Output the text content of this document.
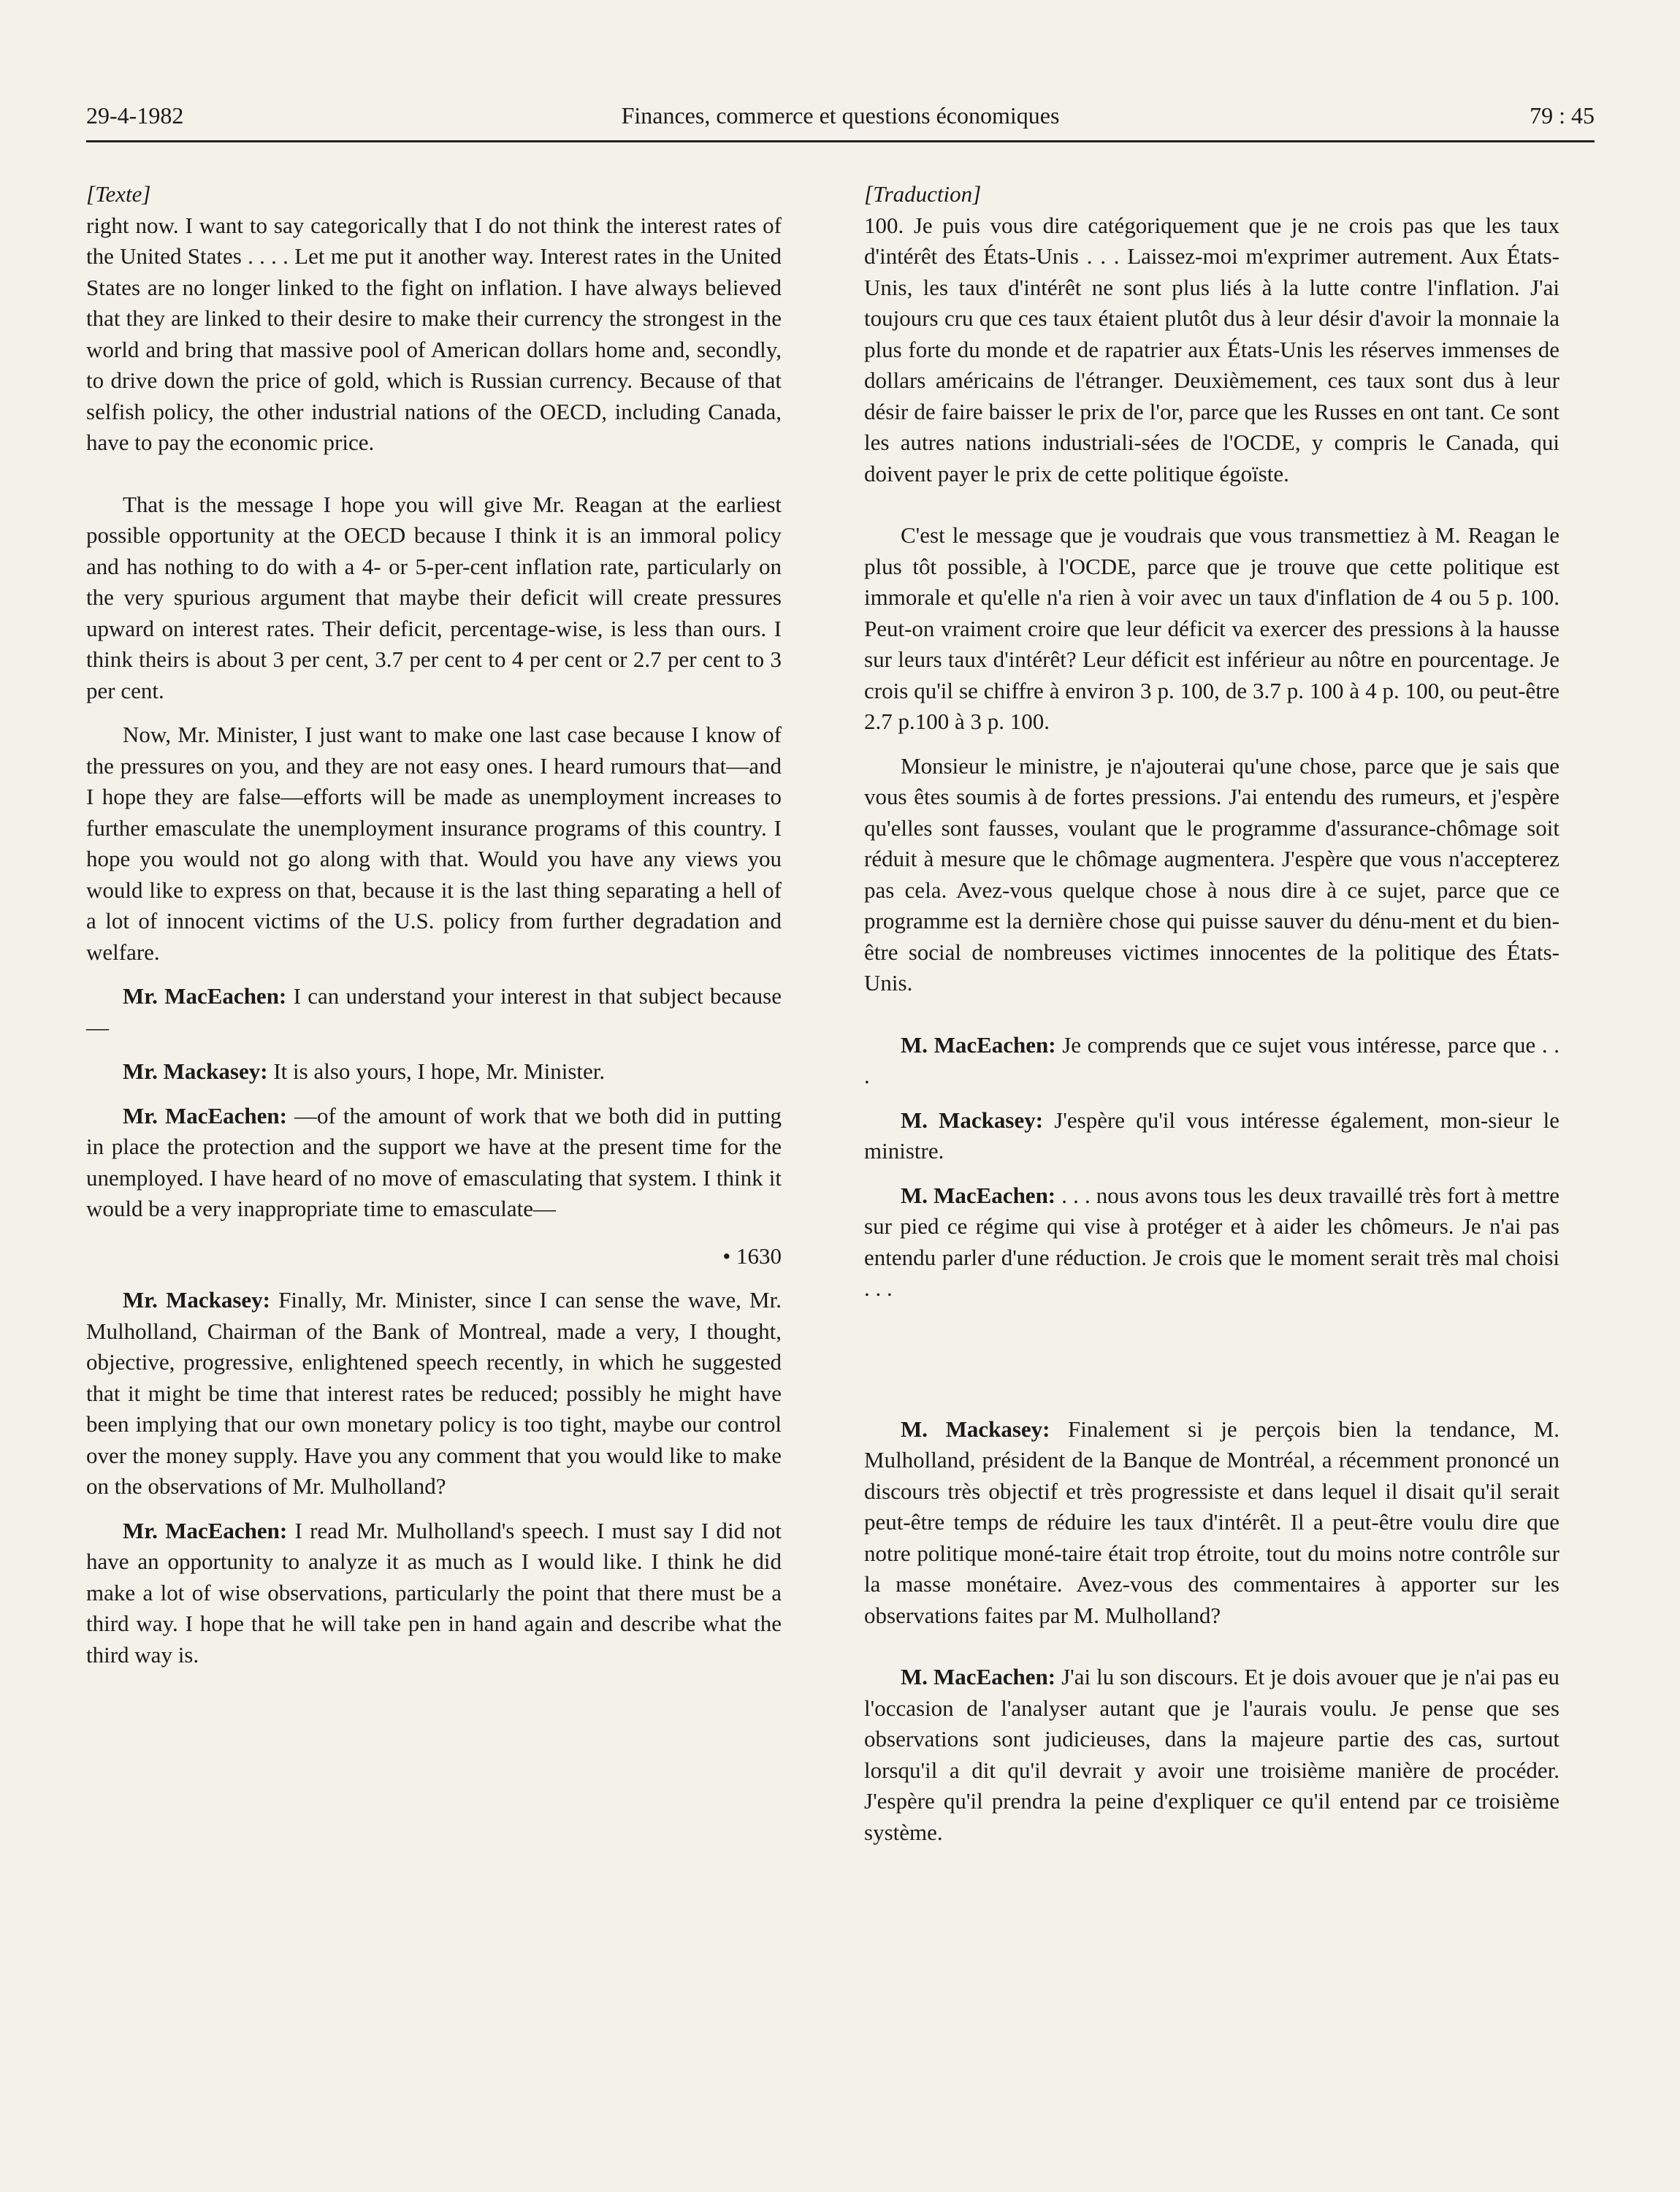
29-4-1982	Finances, commerce et questions économiques	79 : 45

[Texte]

right now. I want to say categorically that I do not think the interest rates of the United States . . . . Let me put it another way. Interest rates in the United States are no longer linked to the fight on inflation. I have always believed that they are linked to their desire to make their currency the strongest in the world and bring that massive pool of American dollars home and, secondly, to drive down the price of gold, which is Russian currency. Because of that selfish policy, the other industrial nations of the OECD, including Canada, have to pay the economic price.

That is the message I hope you will give Mr. Reagan at the earliest possible opportunity at the OECD because I think it is an immoral policy and has nothing to do with a 4- or 5-per-cent inflation rate, particularly on the very spurious argument that maybe their deficit will create pressures upward on interest rates. Their deficit, percentage-wise, is less than ours. I think theirs is about 3 per cent, 3.7 per cent to 4 per cent or 2.7 per cent to 3 per cent.

Now, Mr. Minister, I just want to make one last case because I know of the pressures on you, and they are not easy ones. I heard rumours that—and I hope they are false—efforts will be made as unemployment increases to further emasculate the unemployment insurance programs of this country. I hope you would not go along with that. Would you have any views you would like to express on that, because it is the last thing separating a hell of a lot of innocent victims of the U.S. policy from further degradation and welfare.

Mr. MacEachen: I can understand your interest in that subject because—

Mr. Mackasey: It is also yours, I hope, Mr. Minister.

Mr. MacEachen: —of the amount of work that we both did in putting in place the protection and the support we have at the present time for the unemployed. I have heard of no move of emasculating that system. I think it would be a very inappropriate time to emasculate—

• 1630

Mr. Mackasey: Finally, Mr. Minister, since I can sense the wave, Mr. Mulholland, Chairman of the Bank of Montreal, made a very, I thought, objective, progressive, enlightened speech recently, in which he suggested that it might be time that interest rates be reduced; possibly he might have been implying that our own monetary policy is too tight, maybe our control over the money supply. Have you any comment that you would like to make on the observations of Mr. Mulholland?

Mr. MacEachen: I read Mr. Mulholland's speech. I must say I did not have an opportunity to analyze it as much as I would like. I think he did make a lot of wise observations, particularly the point that there must be a third way. I hope that he will take pen in hand again and describe what the third way is.

[Traduction]

100. Je puis vous dire catégoriquement que je ne crois pas que les taux d'intérêt des États-Unis . . . Laissez-moi m'exprimer autrement. Aux États-Unis, les taux d'intérêt ne sont plus liés à la lutte contre l'inflation. J'ai toujours cru que ces taux étaient plutôt dus à leur désir d'avoir la monnaie la plus forte du monde et de rapatrier aux États-Unis les réserves immenses de dollars américains de l'étranger. Deuxièmement, ces taux sont dus à leur désir de faire baisser le prix de l'or, parce que les Russes en ont tant. Ce sont les autres nations industriali-sées de l'OCDE, y compris le Canada, qui doivent payer le prix de cette politique égoïste.

C'est le message que je voudrais que vous transmettiez à M. Reagan le plus tôt possible, à l'OCDE, parce que je trouve que cette politique est immorale et qu'elle n'a rien à voir avec un taux d'inflation de 4 ou 5 p. 100. Peut-on vraiment croire que leur déficit va exercer des pressions à la hausse sur leurs taux d'intérêt? Leur déficit est inférieur au nôtre en pourcentage. Je crois qu'il se chiffre à environ 3 p. 100, de 3.7 p. 100 à 4 p. 100, ou peut-être 2.7 p.100 à 3 p. 100.

Monsieur le ministre, je n'ajouterai qu'une chose, parce que je sais que vous êtes soumis à de fortes pressions. J'ai entendu des rumeurs, et j'espère qu'elles sont fausses, voulant que le programme d'assurance-chômage soit réduit à mesure que le chômage augmentera. J'espère que vous n'accepterez pas cela. Avez-vous quelque chose à nous dire à ce sujet, parce que ce programme est la dernière chose qui puisse sauver du dénu-ment et du bien-être social de nombreuses victimes innocentes de la politique des États-Unis.

M. MacEachen: Je comprends que ce sujet vous intéresse, parce que . . .

M. Mackasey: J'espère qu'il vous intéresse également, mon-sieur le ministre.

M. MacEachen: . . . nous avons tous les deux travaillé très fort à mettre sur pied ce régime qui vise à protéger et à aider les chômeurs. Je n'ai pas entendu parler d'une réduction. Je crois que le moment serait très mal choisi . . .

M. Mackasey: Finalement si je perçois bien la tendance, M. Mulholland, président de la Banque de Montréal, a récemment prononcé un discours très objectif et très progressiste et dans lequel il disait qu'il serait peut-être temps de réduire les taux d'intérêt. Il a peut-être voulu dire que notre politique moné-taire était trop étroite, tout du moins notre contrôle sur la masse monétaire. Avez-vous des commentaires à apporter sur les observations faites par M. Mulholland?

M. MacEachen: J'ai lu son discours. Et je dois avouer que je n'ai pas eu l'occasion de l'analyser autant que je l'aurais voulu. Je pense que ses observations sont judicieuses, dans la majeure partie des cas, surtout lorsqu'il a dit qu'il devrait y avoir une troisième manière de procéder. J'espère qu'il prendra la peine d'expliquer ce qu'il entend par ce troisième système.
